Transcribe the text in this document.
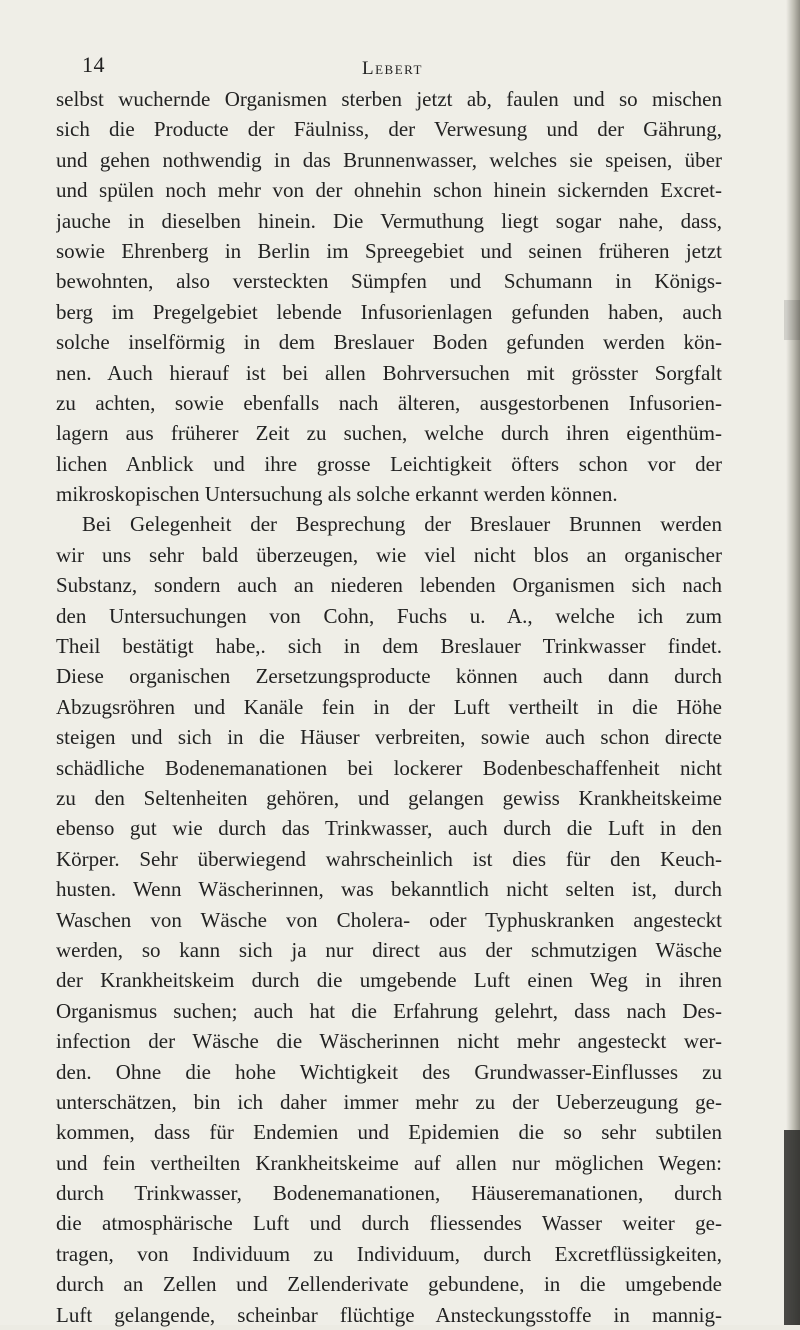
14	Lebert
selbst wuchernde Organismen sterben jetzt ab, faulen und so mischen
sich die Producte der Fäulniss, der Verwesung und der Gährung,
und gehen nothwendig in das Brunnenwasser, welches sie speisen, über
und spülen noch mehr von der ohnehin schon hinein sickernden Excret-
jauche in dieselben hinein. Die Vermuthung liegt sogar nahe, dass,
sowie Ehrenberg in Berlin im Spreegebiet und seinen früheren jetzt
bewohnten, also versteckten Sümpfen und Schumann in Königs-
berg im Pregelgebiet lebende Infusorienlagen gefunden haben, auch
solche inselförmig in dem Breslauer Boden gefunden werden kön-
nen. Auch hierauf ist bei allen Bohrversuchen mit grösster Sorgfalt
zu achten, sowie ebenfalls nach älteren, ausgestorbenen Infusorien-
lagern aus früherer Zeit zu suchen, welche durch ihren eigenthüm-
lichen Anblick und ihre grosse Leichtigkeit öfters schon vor der
mikroskopischen Untersuchung als solche erkannt werden können.
Bei Gelegenheit der Besprechung der Breslauer Brunnen werden
wir uns sehr bald überzeugen, wie viel nicht blos an organischer
Substanz, sondern auch an niederen lebenden Organismen sich nach
den Untersuchungen von Cohn, Fuchs u. A., welche ich zum
Theil bestätigt habe,. sich in dem Breslauer Trinkwasser findet.
Diese organischen Zersetzungsproducte können auch dann durch
Abzugsröhren und Kanäle fein in der Luft vertheilt in die Höhe
steigen und sich in die Häuser verbreiten, sowie auch schon directe
schädliche Bodenemanationen bei lockerer Bodenbeschaffenheit nicht
zu den Seltenheiten gehören, und gelangen gewiss Krankheitskeime
ebenso gut wie durch das Trinkwasser, auch durch die Luft in den
Körper. Sehr überwiegend wahrscheinlich ist dies für den Keuch-
husten. Wenn Wäscherinnen, was bekanntlich nicht selten ist, durch
Waschen von Wäsche von Cholera- oder Typhuskranken angesteckt
werden, so kann sich ja nur direct aus der schmutzigen Wäsche
der Krankheitskeim durch die umgebende Luft einen Weg in ihren
Organismus suchen; auch hat die Erfahrung gelehrt, dass nach Des-
infection der Wäsche die Wäscherinnen nicht mehr angesteckt wer-
den. Ohne die hohe Wichtigkeit des Grundwasser-Einflusses zu
unterschätzen, bin ich daher immer mehr zu der Ueberzeugung ge-
kommen, dass für Endemien und Epidemien die so sehr subtilen
und fein vertheilten Krankheitskeime auf allen nur möglichen Wegen:
durch Trinkwasser, Bodenemanationen, Häuseremanationen, durch
die atmosphärische Luft und durch fliessendes Wasser weiter ge-
tragen, von Individuum zu Individuum, durch Excretflüssigkeiten,
durch an Zellen und Zellenderivate gebundene, in die umgebende
Luft gelangende, scheinbar flüchtige Ansteckungsstoffe in mannig-
